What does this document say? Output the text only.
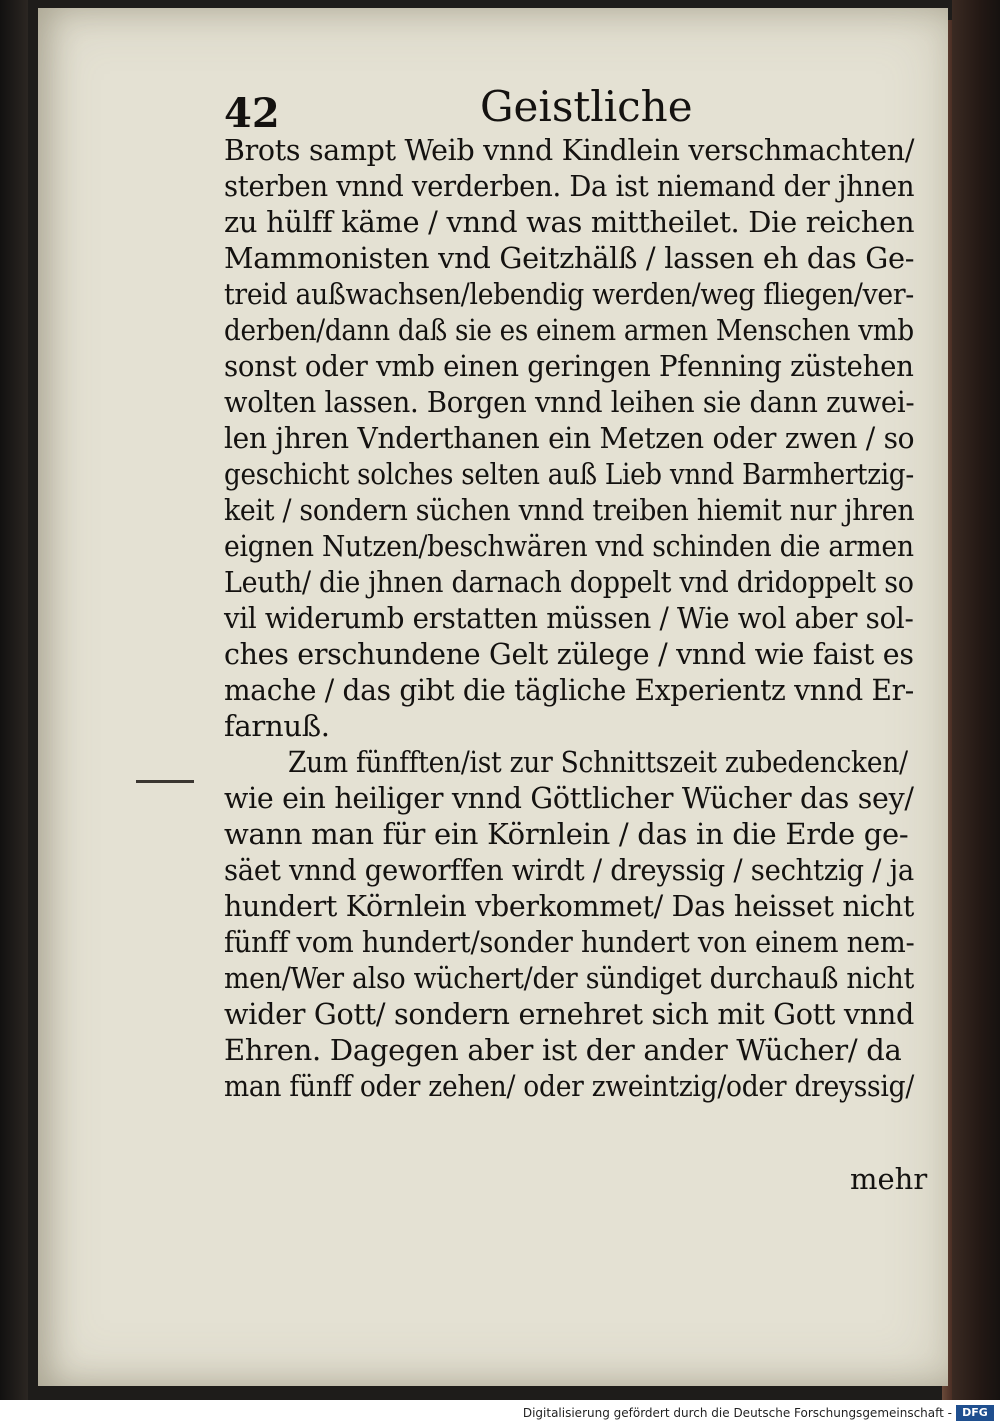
42	Geistliche
Brots sampt Weib vnnd Kindlein verschmachten/
sterben vnnd verderben. Da ist niemand der jhnen
zu hülff käme / vnnd was mittheilet. Die reichen
Mammonisten vnd Geitzhälß / lassen eh das Ge-
treid außwachsen/lebendig werden/weg fliegen/ver-
derben/dann daß sie es einem armen Menschen vmb
sonst oder vmb einen geringen Pfenning züstehen
wolten lassen. Borgen vnnd leihen sie dann zuwei-
len jhren Vnderthanen ein Metzen oder zwen / so
geschicht solches selten auß Lieb vnnd Barmhertzig-
keit / sondern süchen vnnd treiben hiemit nur jhren
eignen Nutzen/beschwären vnd schinden die armen
Leuth/ die jhnen darnach doppelt vnd dridoppelt so
vil widerumb erstatten müssen / Wie wol aber sol-
ches erschundene Gelt zülege / vnnd wie faist es
mache / das gibt die tägliche Experientz vnnd Er-
farnuß.
Zum fünfften/ist zur Schnittszeit zubedencken/
wie ein heiliger vnnd Göttlicher Wücher das sey/
wann man für ein Körnlein / das in die Erde ge-
säet vnnd geworffen wirdt / dreyssig / sechtzig / ja
hundert Körnlein vberkommet/ Das heisset nicht
fünff vom hundert/sonder hundert von einem nem-
men/Wer also wüchert/der sündiget durchauß nicht
wider Gott/ sondern ernehret sich mit Gott vnnd
Ehren. Dagegen aber ist der ander Wücher/ da
man fünff oder zehen/ oder zweintzig/oder dreyssig/
mehr
Digitalisierung gefördert durch die Deutsche Forschungsgemeinschaft - DFG
